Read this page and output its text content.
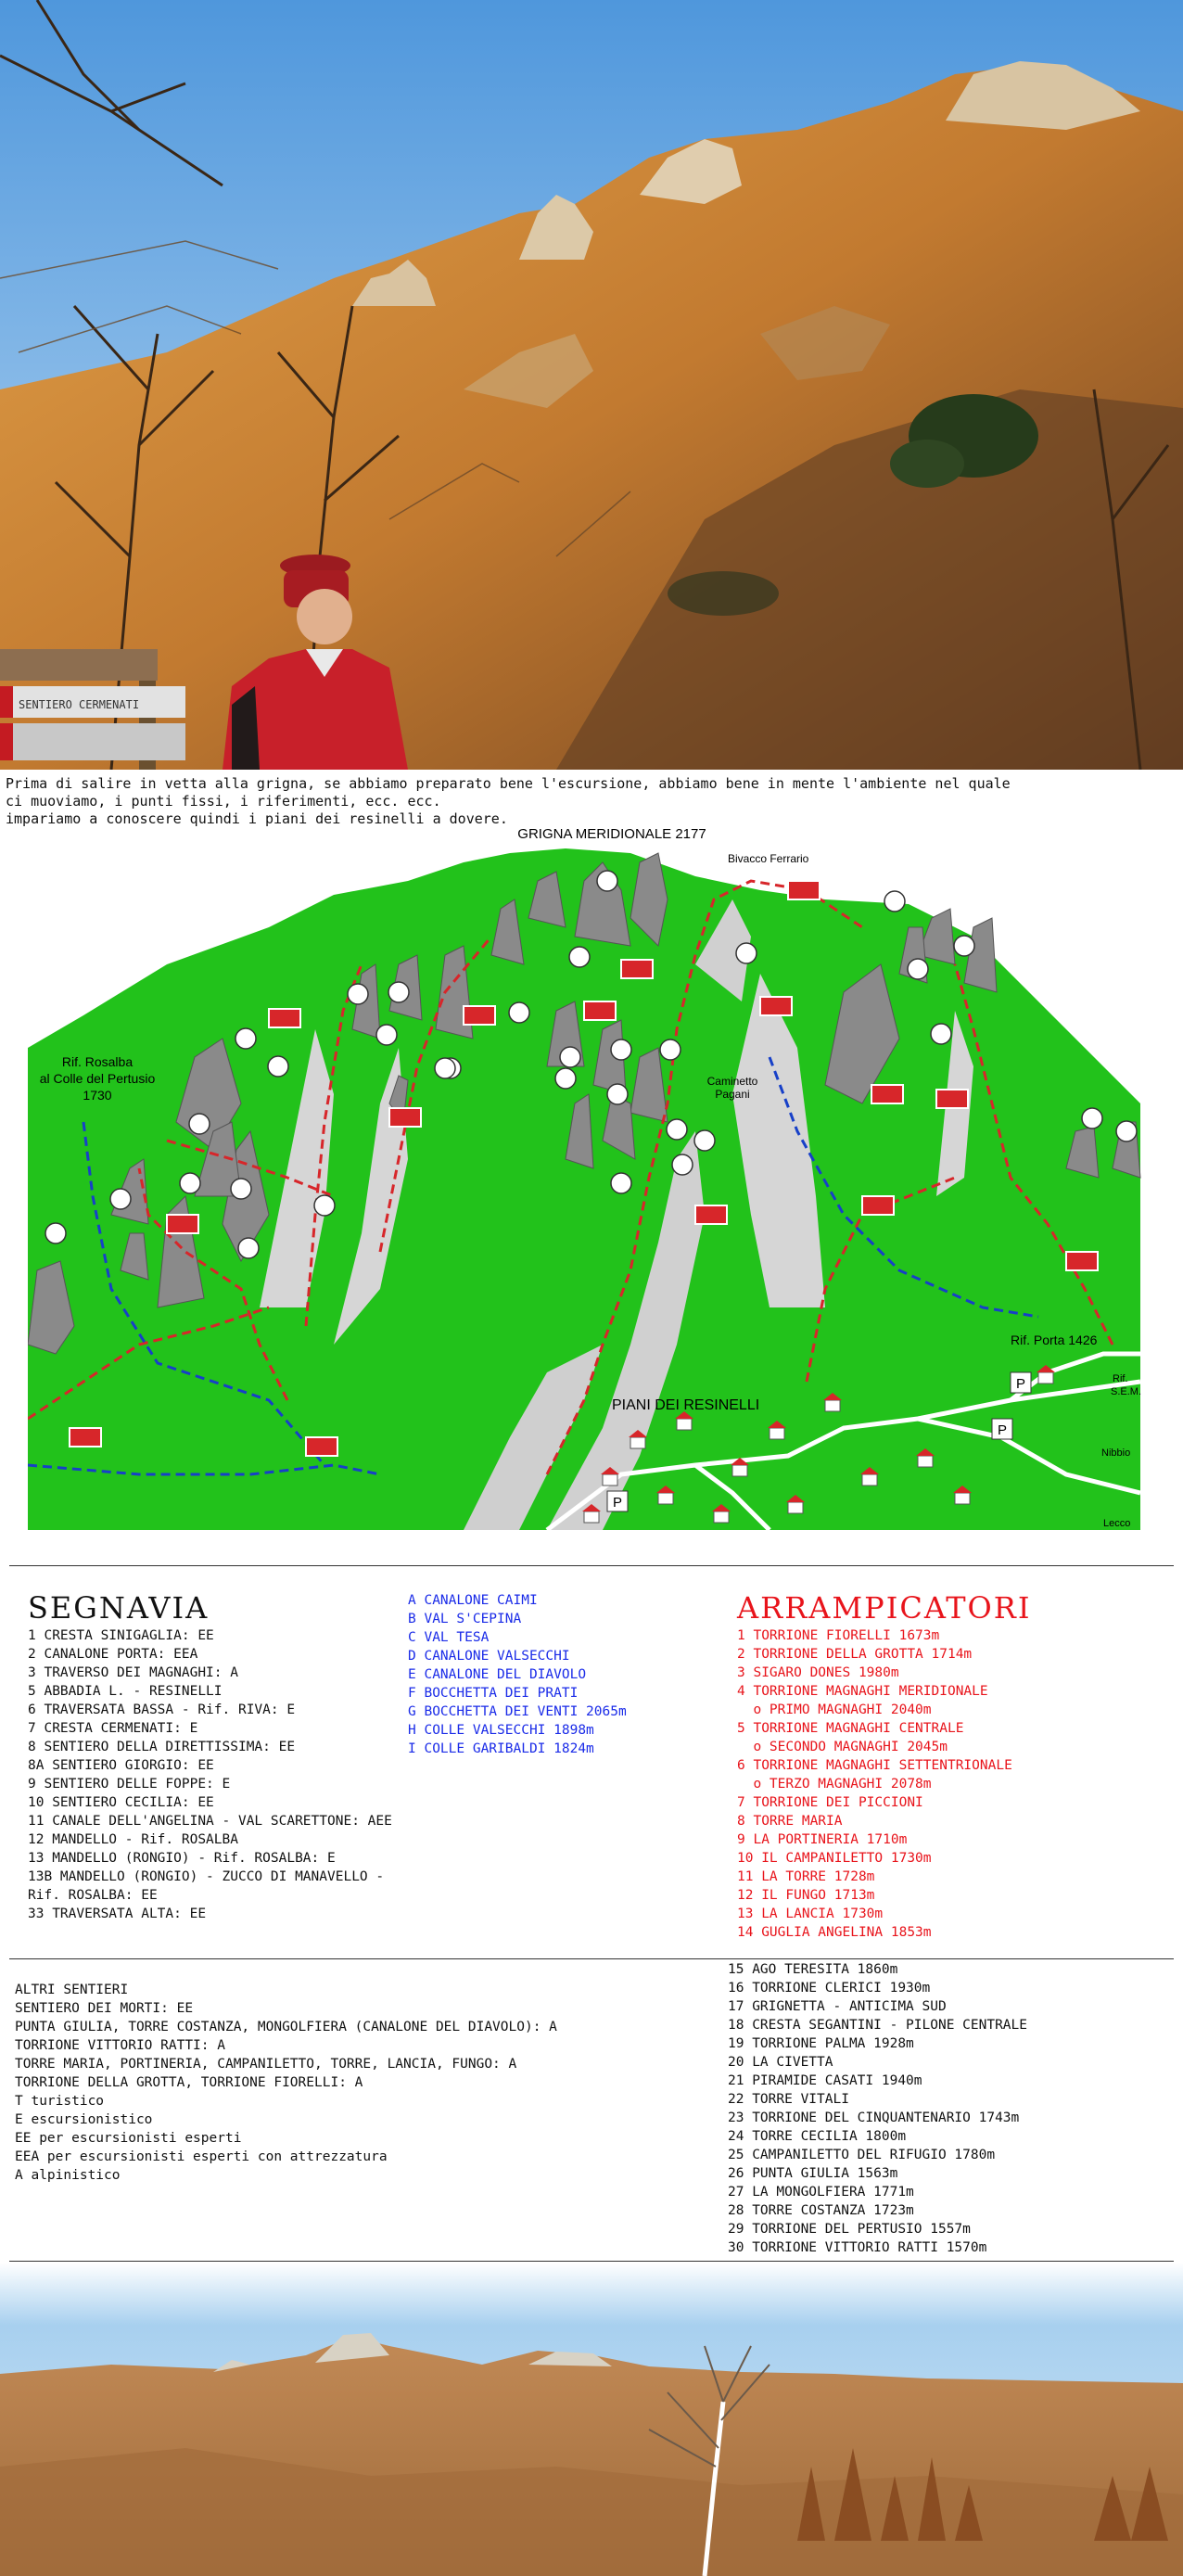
SENTIERO CERMENATI
Prima di salire in vetta alla grigna, se abbiamo preparato bene l'escursione, abbiamo bene in mente l'ambiente nel quale
ci muoviamo, i punti fissi, i riferimenti, ecc. ecc.
impariamo a conoscere quindi i piani dei resinelli a dovere.
P
P
P
GRIGNA MERIDIONALE 2177
Bivacco Ferrario
Rif. Rosalba
al Colle del Pertusio
1730
Caminetto
Pagani
PIANI DEI RESINELLI
Rif. Porta 1426
Rif.
S.E.M.
Nibbio
Lecco
SEGNAVIA
1 CRESTA SINIGAGLIA: EE
2 CANALONE PORTA: EEA
3 TRAVERSO DEI MAGNAGHI: A
5 ABBADIA L. - RESINELLI
6 TRAVERSATA BASSA - Rif. RIVA: E
7 CRESTA CERMENATI: E
8 SENTIERO DELLA DIRETTISSIMA: EE
8A SENTIERO GIORGIO: EE
9 SENTIERO DELLE FOPPE: E
10 SENTIERO CECILIA: EE
11 CANALE DELL'ANGELINA - VAL SCARETTONE: AEE
12 MANDELLO - Rif. ROSALBA
13 MANDELLO (RONGIO) - Rif. ROSALBA: E
13B MANDELLO (RONGIO) - ZUCCO DI MANAVELLO -
Rif. ROSALBA: EE
33 TRAVERSATA ALTA: EE
A CANALONE CAIMI
B VAL S'CEPINA
C VAL TESA
D CANALONE VALSECCHI
E CANALONE DEL DIAVOLO
F BOCCHETTA DEI PRATI
G BOCCHETTA DEI VENTI 2065m
H COLLE VALSECCHI 1898m
I COLLE GARIBALDI 1824m
ARRAMPICATORI
1 TORRIONE FIORELLI 1673m
2 TORRIONE DELLA GROTTA 1714m
3 SIGARO DONES 1980m
4 TORRIONE MAGNAGHI MERIDIONALE
o PRIMO MAGNAGHI 2040m
5 TORRIONE MAGNAGHI CENTRALE
o SECONDO MAGNAGHI 2045m
6 TORRIONE MAGNAGHI SETTENTRIONALE
o TERZO MAGNAGHI 2078m
7 TORRIONE DEI PICCIONI
8 TORRE MARIA
9 LA PORTINERIA 1710m
10 IL CAMPANILETTO 1730m
11 LA TORRE 1728m
12 IL FUNGO 1713m
13 LA LANCIA 1730m
14 GUGLIA ANGELINA 1853m
ALTRI SENTIERI
SENTIERO DEI MORTI: EE
PUNTA GIULIA, TORRE COSTANZA, MONGOLFIERA (CANALONE DEL DIAVOLO): A
TORRIONE VITTORIO RATTI: A
TORRE MARIA, PORTINERIA, CAMPANILETTO, TORRE, LANCIA, FUNGO: A
TORRIONE DELLA GROTTA, TORRIONE FIORELLI: A
T turistico
E escursionistico
EE per escursionisti esperti
EEA per escursionisti esperti con attrezzatura
A alpinistico
15 AGO TERESITA 1860m
16 TORRIONE CLERICI 1930m
17 GRIGNETTA - ANTICIMA SUD
18 CRESTA SEGANTINI - PILONE CENTRALE
19 TORRIONE PALMA 1928m
20 LA CIVETTA
21 PIRAMIDE CASATI 1940m
22 TORRE VITALI
23 TORRIONE DEL CINQUANTENARIO 1743m
24 TORRE CECILIA 1800m
25 CAMPANILETTO DEL RIFUGIO 1780m
26 PUNTA GIULIA 1563m
27 LA MONGOLFIERA 1771m
28 TORRE COSTANZA 1723m
29 TORRIONE DEL PERTUSIO 1557m
30 TORRIONE VITTORIO RATTI 1570m
